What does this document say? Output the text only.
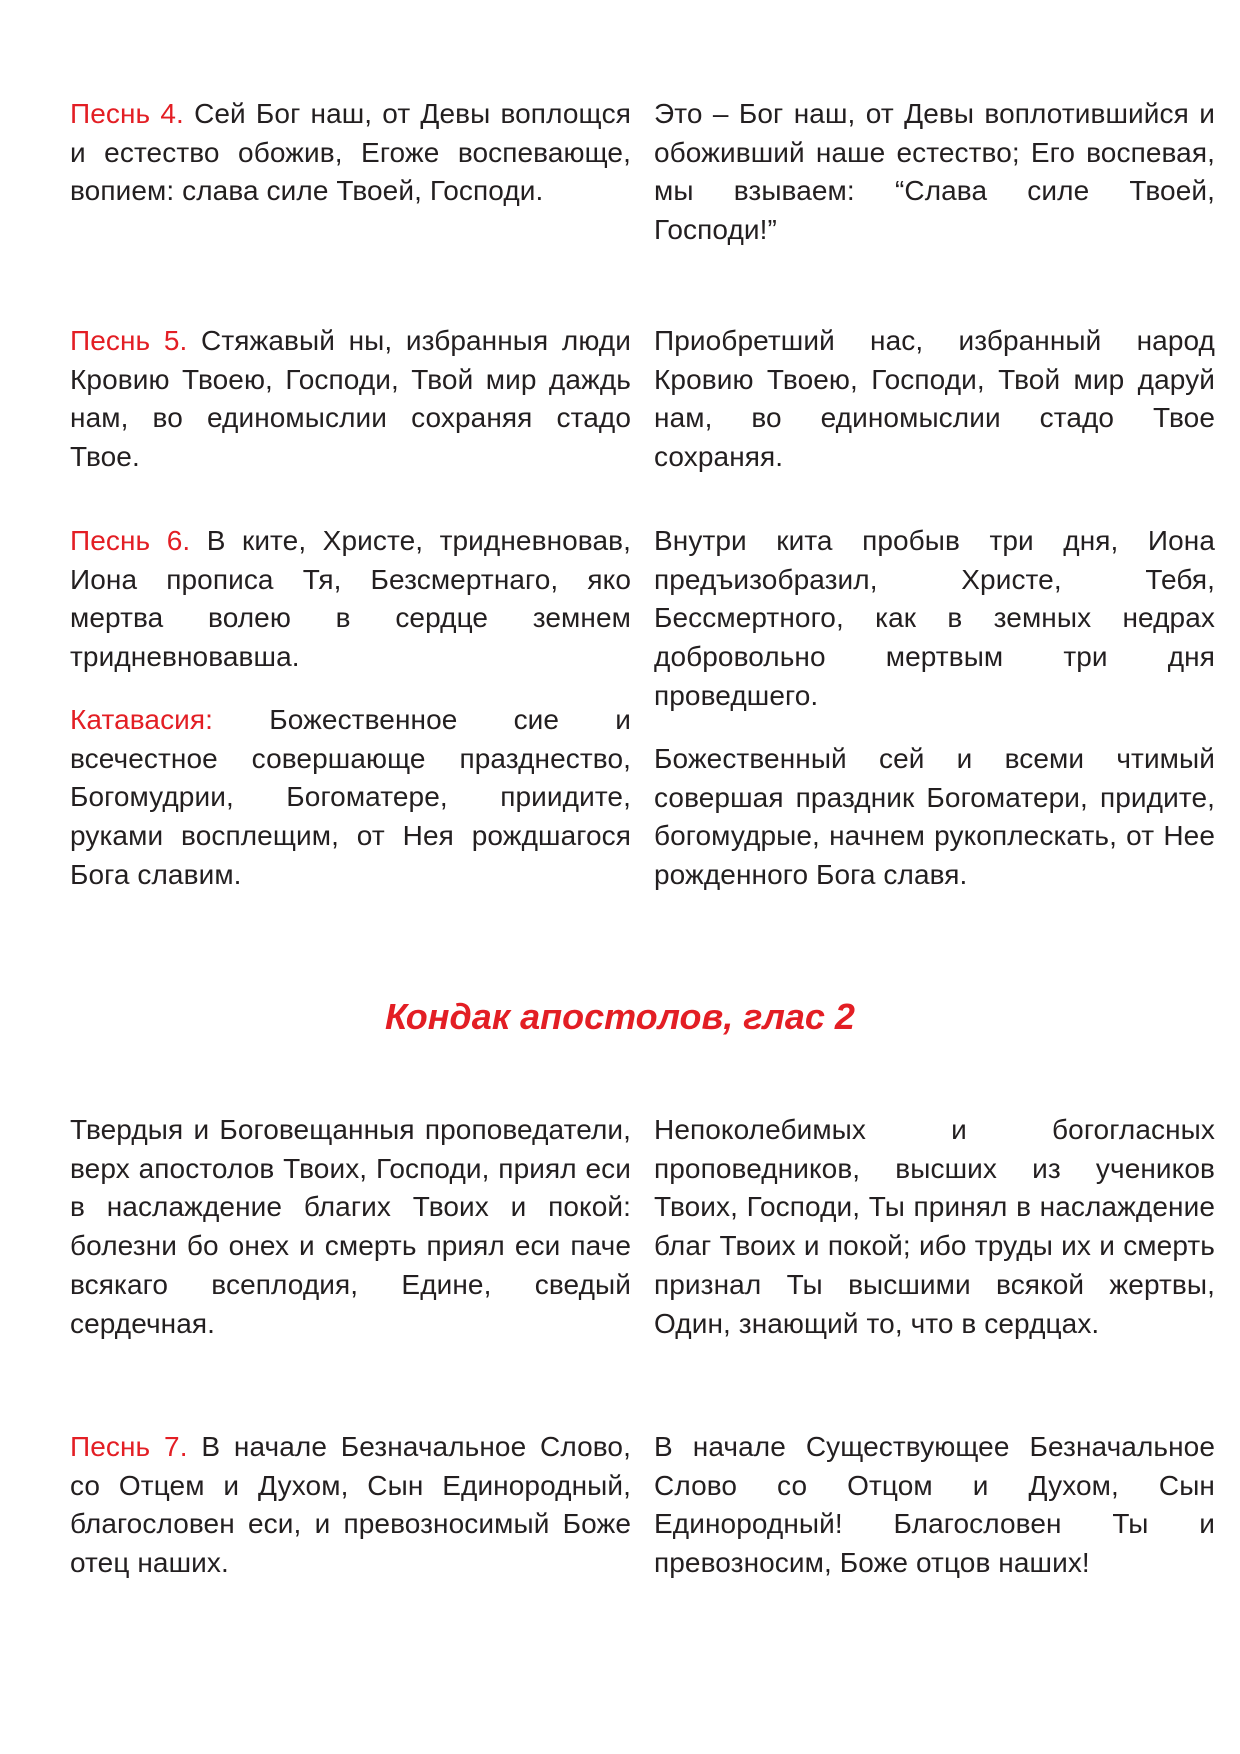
Песнь 4. Сей Бог наш, от Девы воплощся и естество обожив, Егоже воспевающе, вопием: слава силе Твоей, Господи.

Это – Бог наш, от Девы воплотившийся и обоживший наше естество; Его воспевая, мы взываем: “Слава силе Твоей, Господи!”

Песнь 5. Стяжавый ны, избранныя люди Кровию Твоею, Господи, Твой мир даждь нам, во единомыслии сохраняя стадо Твое.

Приобретший нас, избранный народ Кровию Твоею, Господи, Твой мир даруй нам, во единомыслии стадо Твое сохраняя.

Песнь 6. В ките, Христе, тридневновав, Иона прописа Тя, Безсмертнаго, яко мертва волею в сердце земнем тридневновавша.

Внутри кита пробыв три дня, Иона предъизобразил, Христе, Тебя, Бессмертного, как в земных недрах добровольно мертвым три дня проведшего.

Катавасия: Божественное сие и всечестное совершающе празднество, Богомудрии, Богоматере, приидите, руками восплещим, от Нея рождшагося Бога славим.

Божественный сей и всеми чтимый совершая праздник Богоматери, придите, богомудрые, начнем рукоплескать, от Нее рожденного Бога славя.

Кондак апостолов, глас 2

Твердыя и Боговещанныя проповедатели, верх апостолов Твоих, Господи, приял еси в наслаждение благих Твоих и покой: болезни бо онех и смерть приял еси паче всякаго всеплодия, Едине, сведый сердечная.

Непоколебимых и богогласных проповедников, высших из учеников Твоих, Господи, Ты принял в наслаждение благ Твоих и покой; ибо труды их и смерть признал Ты высшими всякой жертвы, Один, знающий то, что в сердцах.

Песнь 7. В начале Безначальное Слово, со Отцем и Духом, Сын Единородный, благословен еси, и превозносимый Боже отец наших.

В начале Существующее Безначальное Слово со Отцом и Духом, Сын Единородный! Благословен Ты и превозносим, Боже отцов наших!
